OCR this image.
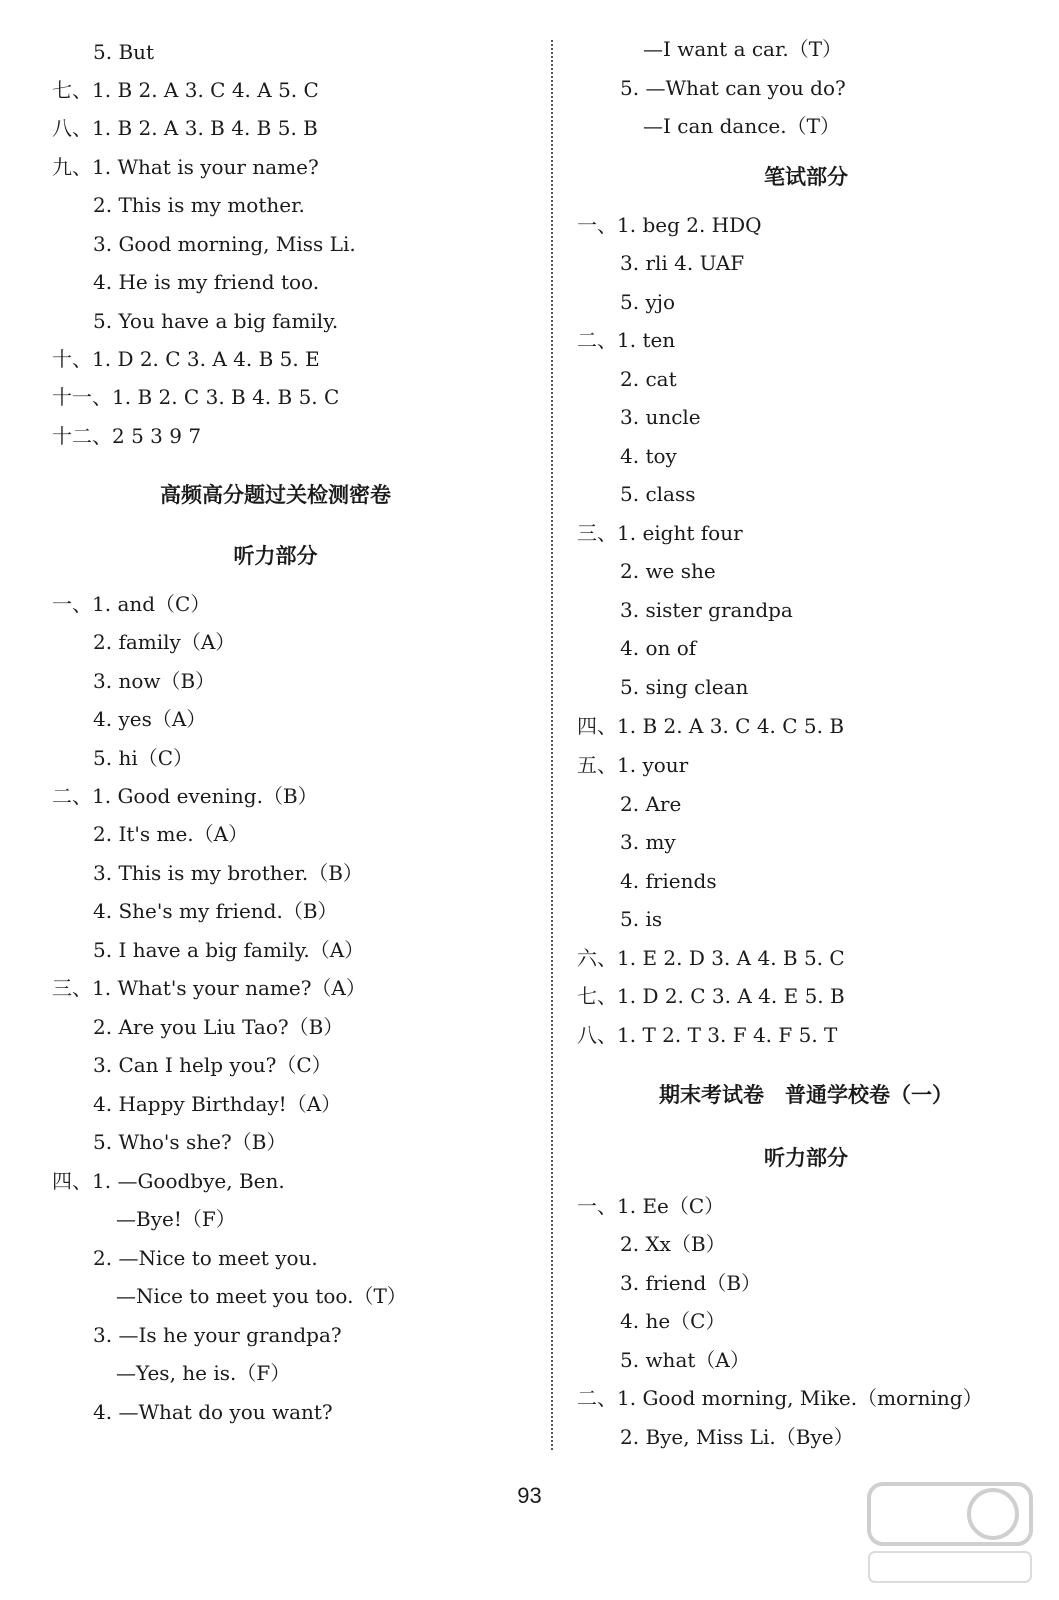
5. But
七、1. B 2. A 3. C 4. A 5. C
八、1. B 2. A 3. B 4. B 5. B
九、1. What is your name?
2. This is my mother.
3. Good morning, Miss Li.
4. He is my friend too.
5. You have a big family.
十、1. D 2. C 3. A 4. B 5. E
十一、1. B 2. C 3. B 4. B 5. C
十二、2 5 3 9 7
高频高分题过关检测密卷
听力部分
一、1. and（C）
2. family（A）
3. now（B）
4. yes（A）
5. hi（C）
二、1. Good evening.（B）
2. It's me.（A）
3. This is my brother.（B）
4. She's my friend.（B）
5. I have a big family.（A）
三、1. What's your name?（A）
2. Are you Liu Tao?（B）
3. Can I help you?（C）
4. Happy Birthday!（A）
5. Who's she?（B）
四、1. —Goodbye, Ben.
—Bye!（F）
2. —Nice to meet you.
—Nice to meet you too.（T）
3. —Is he your grandpa?
—Yes, he is.（F）
4. —What do you want?
—I want a car.（T）
5. —What can you do?
—I can dance.（T）
笔试部分
一、1. beg 2. HDQ
3. rli 4. UAF
5. yjo
二、1. ten
2. cat
3. uncle
4. toy
5. class
三、1. eight four
2. we she
3. sister grandpa
4. on of
5. sing clean
四、1. B 2. A 3. C 4. C 5. B
五、1. your
2. Are
3. my
4. friends
5. is
六、1. E 2. D 3. A 4. B 5. C
七、1. D 2. C 3. A 4. E 5. B
八、1. T 2. T 3. F 4. F 5. T
期末考试卷　普通学校卷（一）
听力部分
一、1. Ee（C）
2. Xx（B）
3. friend（B）
4. he（C）
5. what（A）
二、1. Good morning, Mike.（morning）
2. Bye, Miss Li.（Bye）
93
